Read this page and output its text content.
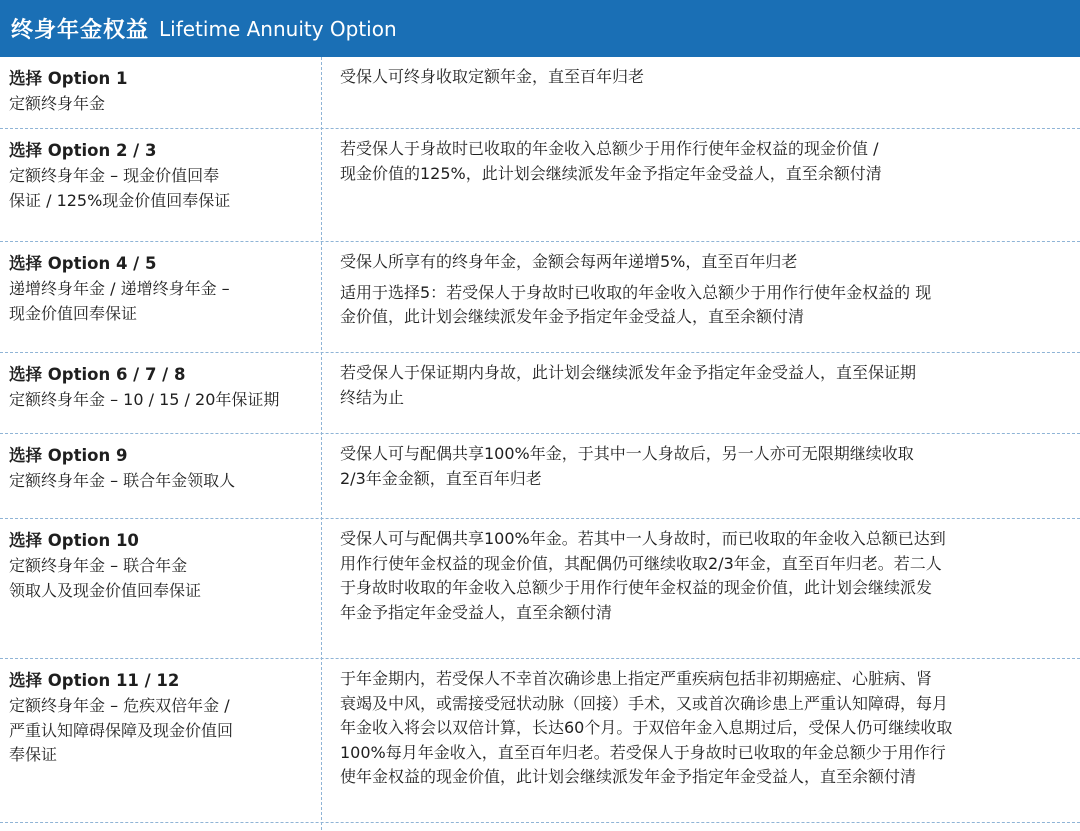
终身年金权益 Lifetime Annuity Option
选择 Option 1
定额终身年金
受保人可终身收取定额年金，直至百年归老
选择 Option 2 / 3
定额终身年金 – 现金价值回奉
保证 / 125%现金价值回奉保证
若受保人于身故时已收取的年金收入总额少于用作行使年金权益的现金价值 /
现金价值的125%，此计划会继续派发年金予指定年金受益人，直至余额付清
选择 Option 4 / 5
递增终身年金 / 递增终身年金 –
现金价值回奉保证
受保人所享有的终身年金，金额会每两年递增5%，直至百年归老
适用于选择5：若受保人于身故时已收取的年金收入总额少于用作行使年金权益的 现
金价值，此计划会继续派发年金予指定年金受益人，直至余额付清
选择 Option 6 / 7 / 8
定额终身年金 – 10 / 15 / 20年保证期
若受保人于保证期内身故，此计划会继续派发年金予指定年金受益人，直至保证期
终结为止
选择 Option 9
定额终身年金 – 联合年金领取人
受保人可与配偶共享100%年金，于其中一人身故后，另一人亦可无限期继续收取
2/3年金金额，直至百年归老
选择 Option 10
定额终身年金 – 联合年金
领取人及现金价值回奉保证
受保人可与配偶共享100%年金。若其中一人身故时，而已收取的年金收入总额已达到
用作行使年金权益的现金价值，其配偶仍可继续收取2/3年金，直至百年归老。若二人
于身故时收取的年金收入总额少于用作行使年金权益的现金价值，此计划会继续派发
年金予指定年金受益人，直至余额付清
选择 Option 11 / 12
定额终身年金 – 危疾双倍年金 /
严重认知障碍保障及现金价值回
奉保证
于年金期内，若受保人不幸首次确诊患上指定严重疾病包括非初期癌症、心脏病、肾
衰竭及中风，或需接受冠状动脉（回接）手术，又或首次确诊患上严重认知障碍，每月
年金收入将会以双倍计算，长达60个月。于双倍年金入息期过后，受保人仍可继续收取
100%每月年金收入，直至百年归老。若受保人于身故时已收取的年金总额少于用作行
使年金权益的现金价值，此计划会继续派发年金予指定年金受益人，直至余额付清
